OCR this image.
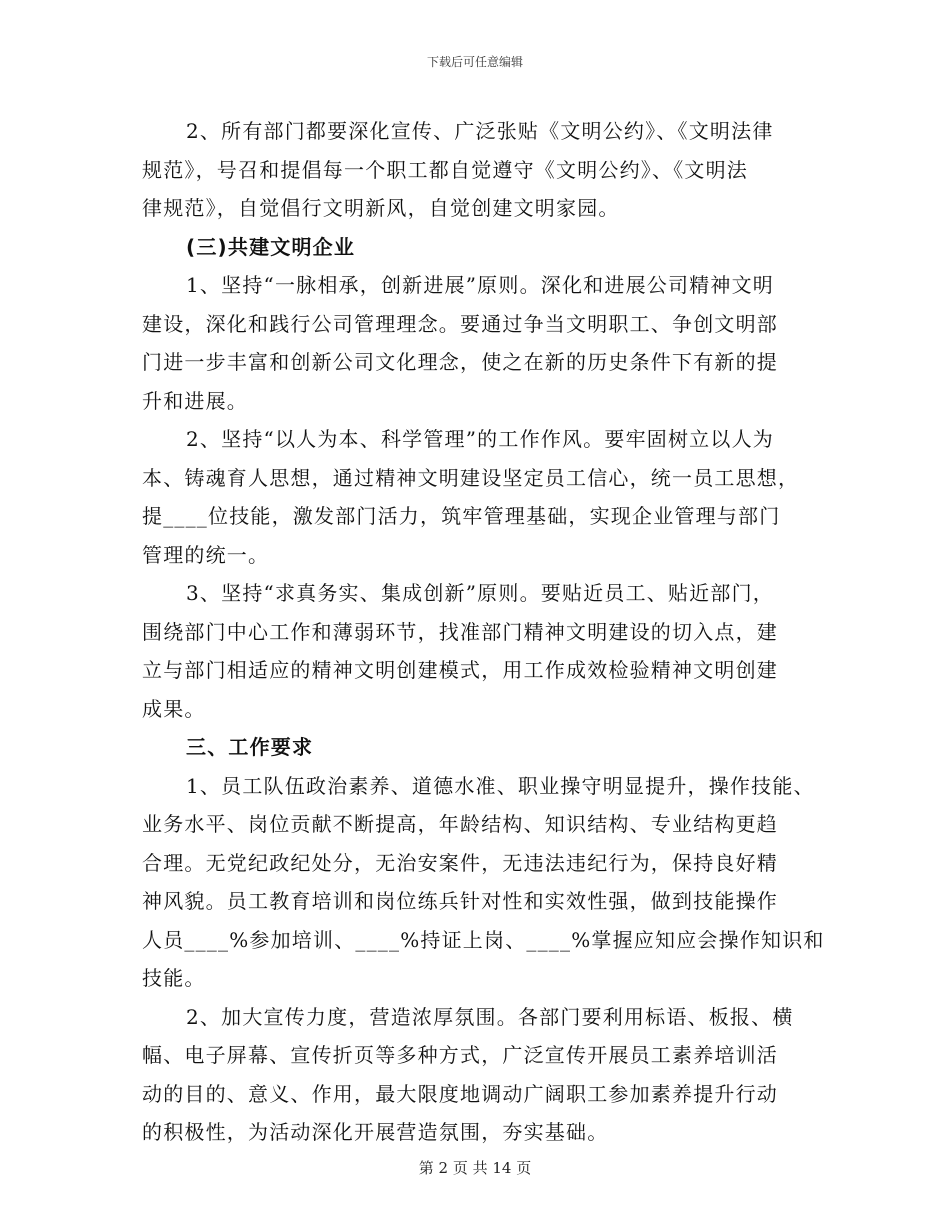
下载后可任意编辑

2、所有部门都要深化宣传、广泛张贴《文明公约》、《文明法律
规范》，号召和提倡每一个职工都自觉遵守《文明公约》、《文明法
律规范》，自觉倡行文明新风，自觉创建文明家园。

(三)共建文明企业

1、坚持“一脉相承，创新进展”原则。深化和进展公司精神文明
建设，深化和践行公司管理理念。要通过争当文明职工、争创文明部
门进一步丰富和创新公司文化理念，使之在新的历史条件下有新的提
升和进展。

2、坚持“以人为本、科学管理”的工作作风。要牢固树立以人为
本、铸魂育人思想，通过精神文明建设坚定员工信心，统一员工思想，
提____位技能，激发部门活力，筑牢管理基础，实现企业管理与部门
管理的统一。

3、坚持“求真务实、集成创新”原则。要贴近员工、贴近部门，
围绕部门中心工作和薄弱环节，找准部门精神文明建设的切入点，建
立与部门相适应的精神文明创建模式，用工作成效检验精神文明创建
成果。

三、工作要求

1、员工队伍政治素养、道德水准、职业操守明显提升，操作技能、
业务水平、岗位贡献不断提高，年龄结构、知识结构、专业结构更趋
合理。无党纪政纪处分，无治安案件，无违法违纪行为，保持良好精
神风貌。员工教育培训和岗位练兵针对性和实效性强，做到技能操作
人员____%参加培训、____%持证上岗、____%掌握应知应会操作知识和
技能。

2、加大宣传力度，营造浓厚氛围。各部门要利用标语、板报、横
幅、电子屏幕、宣传折页等多种方式，广泛宣传开展员工素养培训活
动的目的、意义、作用，最大限度地调动广阔职工参加素养提升行动
的积极性，为活动深化开展营造氛围，夯实基础。

第 2 页 共 14 页
